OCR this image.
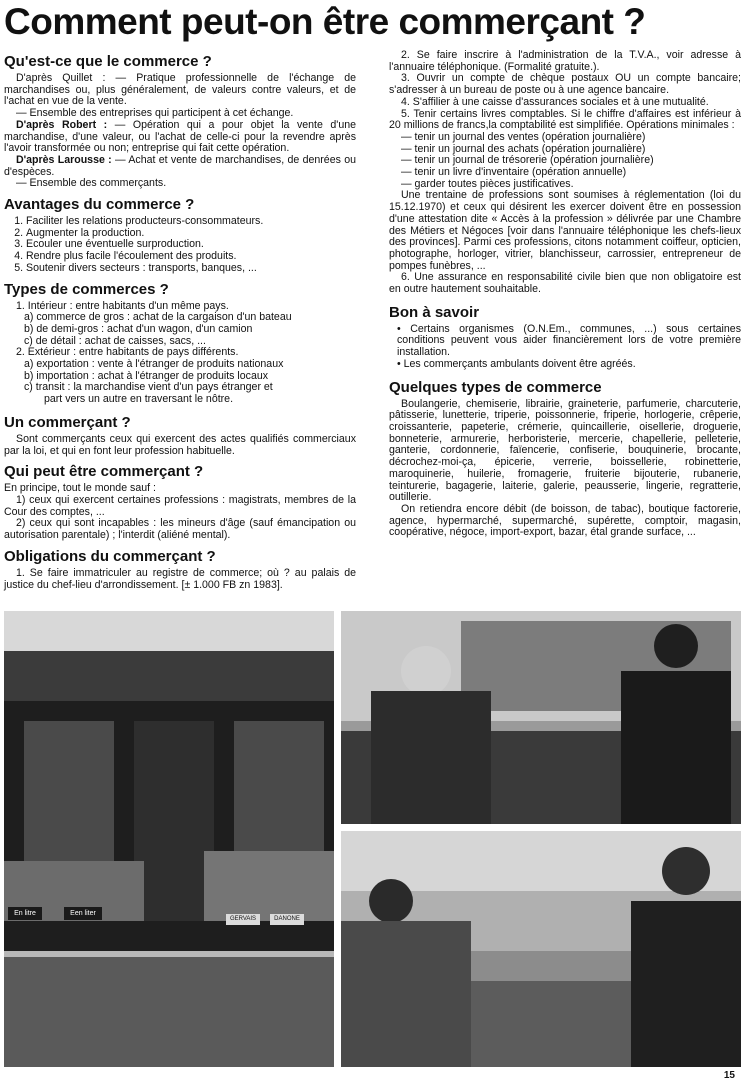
Comment peut-on être commerçant ?
Qu'est-ce que le commerce ?

D'après Quillet : — Pratique professionnelle de l'échange de marchandises ou, plus généralement, de valeurs contre valeurs, et de l'achat en vue de la vente.

— Ensemble des entreprises qui participent à cet échange.

D'après Robert : — Opération qui a pour objet la vente d'une marchandise, d'une valeur, ou l'achat de celle-ci pour la revendre après l'avoir transformée ou non; entreprise qui fait cette opération.

D'après Larousse : — Achat et vente de marchandises, de denrées ou d'espèces.

— Ensemble des commerçants.

Avantages du commerce ?
1. Faciliter les relations producteurs-consommateurs.
2. Augmenter la production.
3. Ecouler une éventuelle surproduction.
4. Rendre plus facile l'écoulement des produits.
5. Soutenir divers secteurs : transports, banques, ...
Types de commerces ?

1. Intérieur : entre habitants d'un même pays.

a) commerce de gros : achat de la cargaison d'un bateau

b) de demi-gros : achat d'un wagon, d'un camion

c) de détail : achat de caisses, sacs, ...

2. Extérieur : entre habitants de pays différents.

a) exportation : vente à l'étranger de produits nationaux

b) importation : achat à l'étranger de produits locaux

c) transit : la marchandise vient d'un pays étranger et

part vers un autre en traversant le nôtre.

Un commerçant ?

Sont commerçants ceux qui exercent des actes qualifiés commerciaux par la loi, et qui en font leur profession habituelle.

Qui peut être commerçant ?

En principe, tout le monde sauf :

1) ceux qui exercent certaines professions : magistrats, membres de la Cour des comptes, ...

2) ceux qui sont incapables : les mineurs d'âge (sauf émancipation ou autorisation parentale) ; l'interdit (aliéné mental).

Obligations du commerçant ?

1. Se faire immatriculer au registre de commerce; où ? au palais de justice du chef-lieu d'arrondissement. [± 1.000 FB zn 1983].

2. Se faire inscrire à l'administration de la T.V.A., voir adresse à l'annuaire téléphonique. (Formalité gratuite.).

3. Ouvrir un compte de chèque postaux OU un compte bancaire; s'adresser à un bureau de poste ou à une agence bancaire.

4. S'affilier à une caisse d'assurances sociales et à une mutualité.

5. Tenir certains livres comptables. Si le chiffre d'affaires est inférieur à 20 millions de francs,la comptabilité est simplifiée. Opérations minimales :

— tenir un journal des ventes (opération journalière)

— tenir un journal des achats (opération journalière)

— tenir un journal de trésorerie (opération journalière)

— tenir un livre d'inventaire (opération annuelle)

— garder toutes pièces justificatives.

Une trentaine de professions sont soumises à réglementation (loi du 15.12.1970) et ceux qui désirent les exercer doivent être en possession d'une attestation dite « Accès à la profession » délivrée par une Chambre des Métiers et Négoces [voir dans l'annuaire téléphonique les chefs-lieux des provinces]. Parmi ces professions, citons notamment coiffeur, opticien, photographe, horloger, vitrier, blanchisseur, carrossier, entrepreneur de pompes funèbres, ...

6. Une assurance en responsabilité civile bien que non obligatoire est en outre hautement souhaitable.

Bon à savoir

• Certains organismes (O.N.Em., communes, ...) sous certaines conditions peuvent vous aider financièrement lors de votre première installation.

• Les commerçants ambulants doivent être agréés.

Quelques types de commerce

Boulangerie, chemiserie, librairie, graineterie, parfumerie, charcuterie, pâtisserie, lunetterie, triperie, poissonnerie, friperie, horlogerie, crêperie, croissanterie, papeterie, crémerie, quincaillerie, oisellerie, droguerie, bonneterie, armurerie, herboristerie, mercerie, chapellerie, pelleterie, ganterie, cordonnerie, faïencerie, confiserie, bouquinerie, brocante, décrochez-moi-ça, épicerie, verrerie, boissellerie, robinetterie, maroquinerie, huilerie, fromagerie, fruiterie bijouterie, rubanerie, teinturerie, bagagerie, laiterie, galerie, peausserie, lingerie, regratterie, outillerie.

On retiendra encore débit (de boisson, de tabac), boutique factorerie, agence, hypermarché, supermarché, supérette, comptoir, magasin, coopérative, négoce, import-export, bazar, étal grande surface, ...

En litre	Een liter
GERVAIS	DANONE
15
